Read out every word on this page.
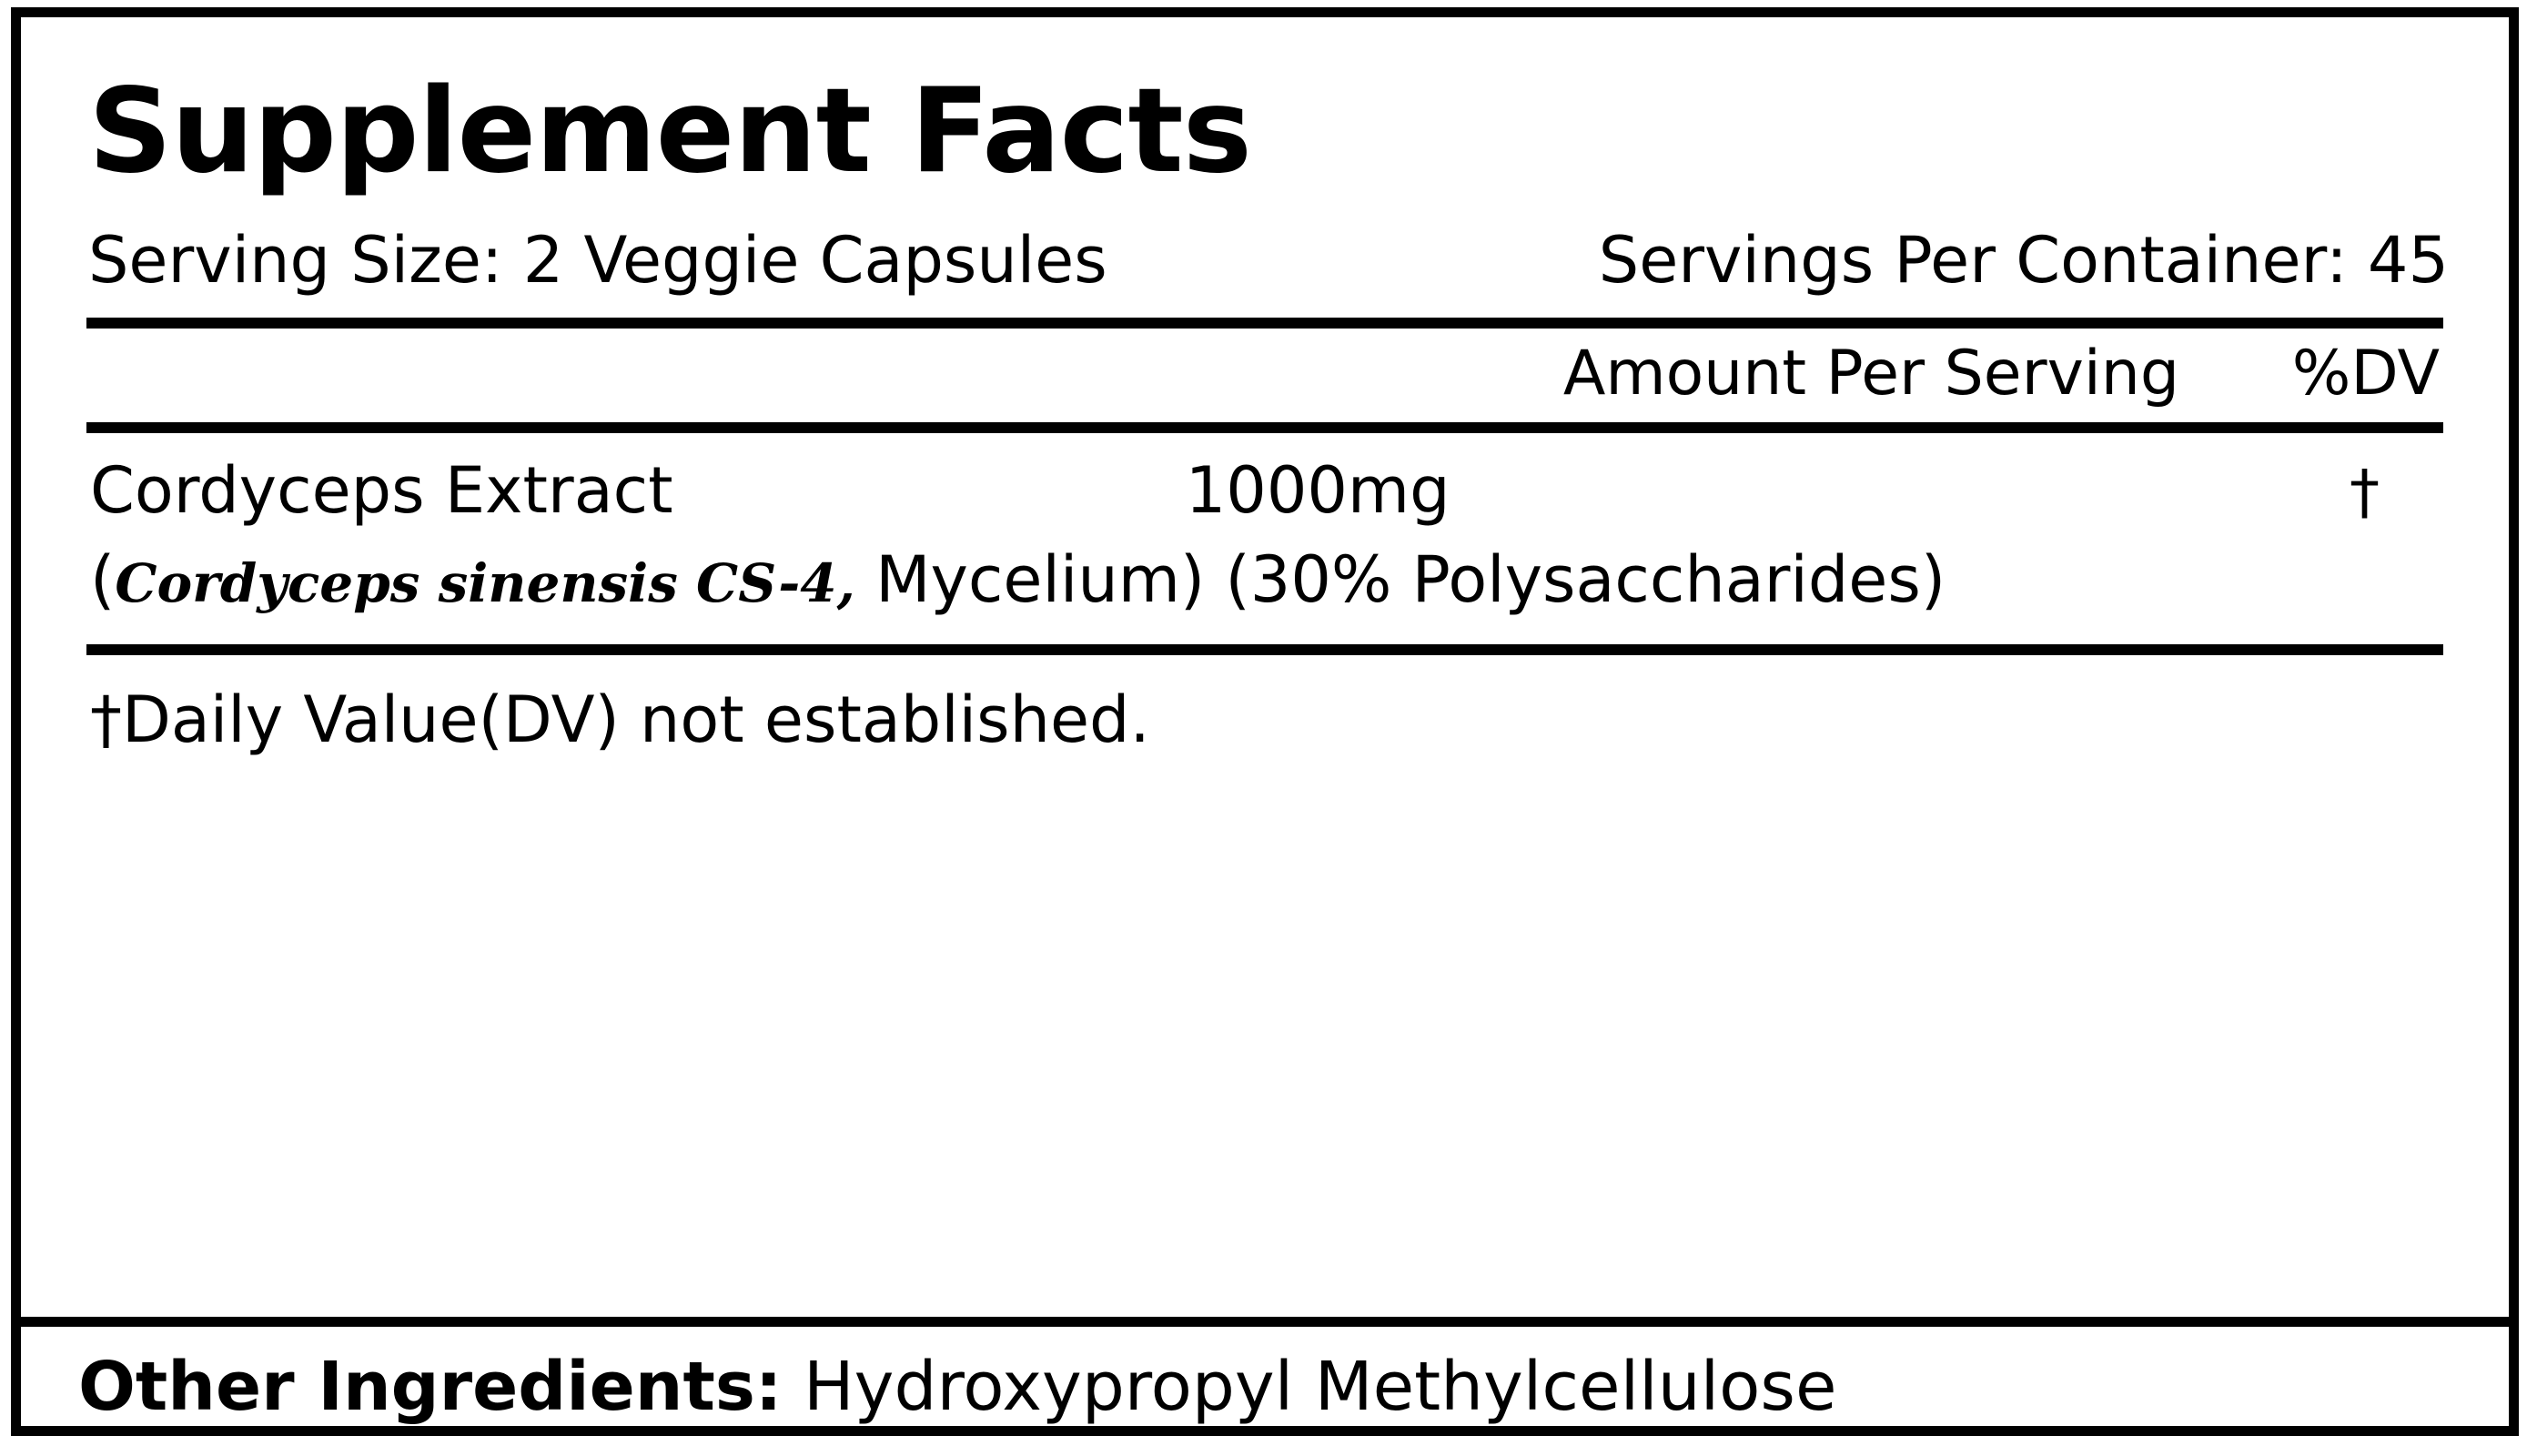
Supplement Facts
Serving Size: 2 Veggie Capsules	Servings Per Container: 45
Amount Per Serving	%DV
Cordyceps Extract	1000mg	†
(Cordyceps sinensis CS-4, Mycelium) (30% Polysaccharides)
†Daily Value(DV) not established.
Other Ingredients: Hydroxypropyl Methylcellulose
